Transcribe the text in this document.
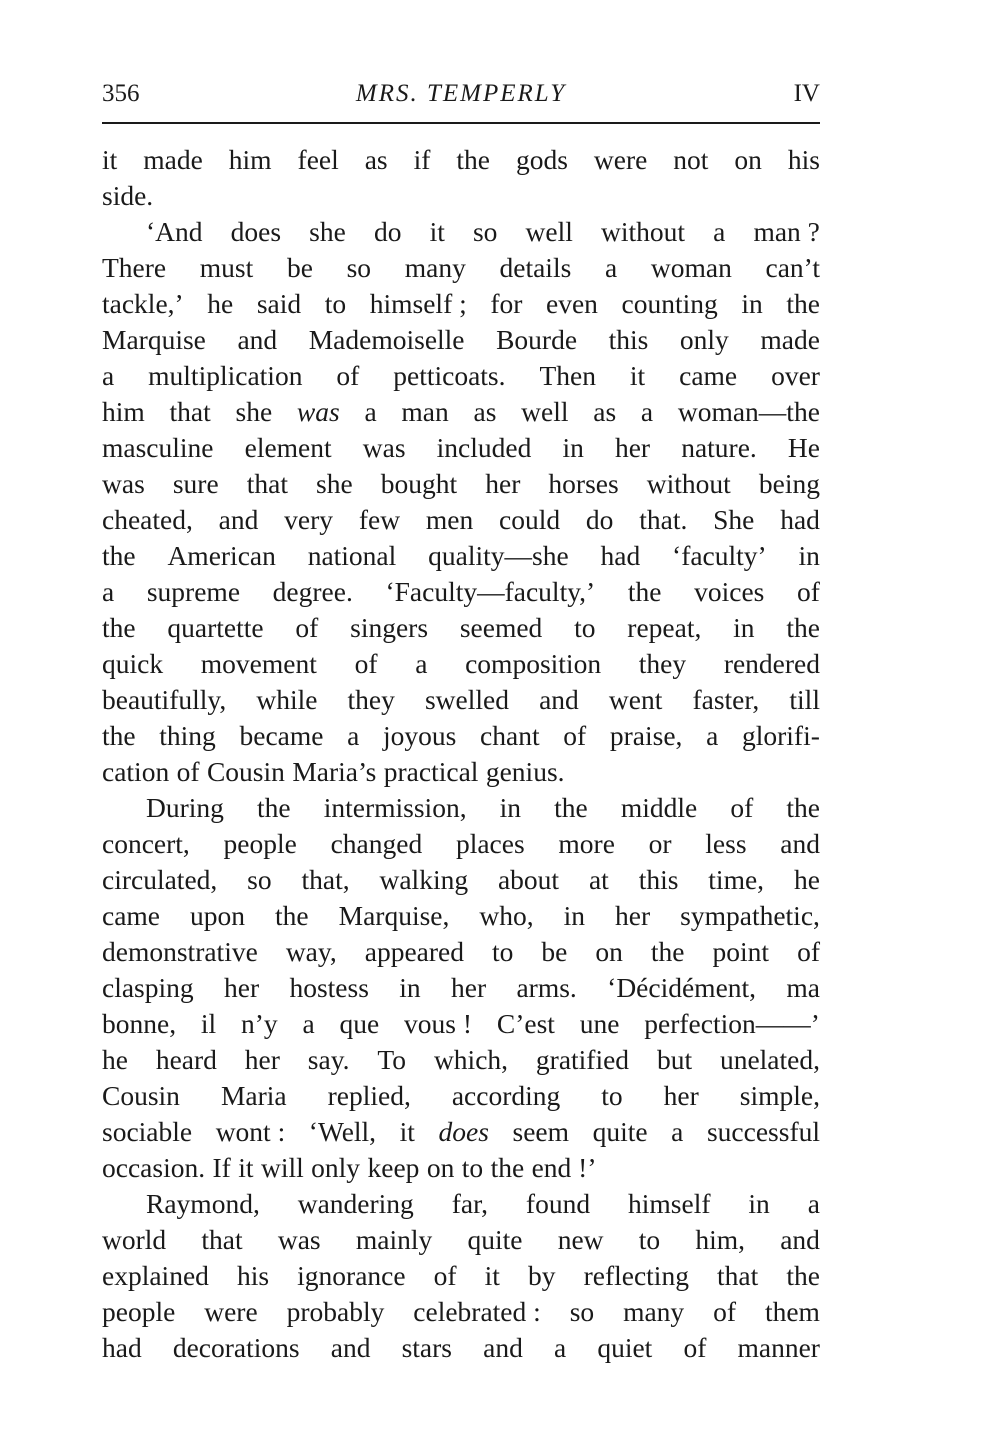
356	MRS. TEMPERLY	IV
it made him feel as if the gods were not on his
side.
‘And does she do it so well without a man ?
There must be so many details a woman can’t
tackle,’ he said to himself ; for even counting in the
Marquise and Mademoiselle Bourde this only made
a multiplication of petticoats. Then it came over
him that she was a man as well as a woman—the
masculine element was included in her nature. He
was sure that she bought her horses without being
cheated, and very few men could do that. She had
the American national quality—she had ‘faculty’ in
a supreme degree. ‘Faculty—faculty,’ the voices of
the quartette of singers seemed to repeat, in the
quick movement of a composition they rendered
beautifully, while they swelled and went faster, till
the thing became a joyous chant of praise, a glorifi-
cation of Cousin Maria’s practical genius.
During the intermission, in the middle of the
concert, people changed places more or less and
circulated, so that, walking about at this time, he
came upon the Marquise, who, in her sympathetic,
demonstrative way, appeared to be on the point of
clasping her hostess in her arms. ‘Décidément, ma
bonne, il n’y a que vous ! C’est une perfection——’
he heard her say. To which, gratified but unelated,
Cousin Maria replied, according to her simple,
sociable wont : ‘Well, it does seem quite a successful
occasion. If it will only keep on to the end !’
Raymond, wandering far, found himself in a
world that was mainly quite new to him, and
explained his ignorance of it by reflecting that the
people were probably celebrated : so many of them
had decorations and stars and a quiet of manner
